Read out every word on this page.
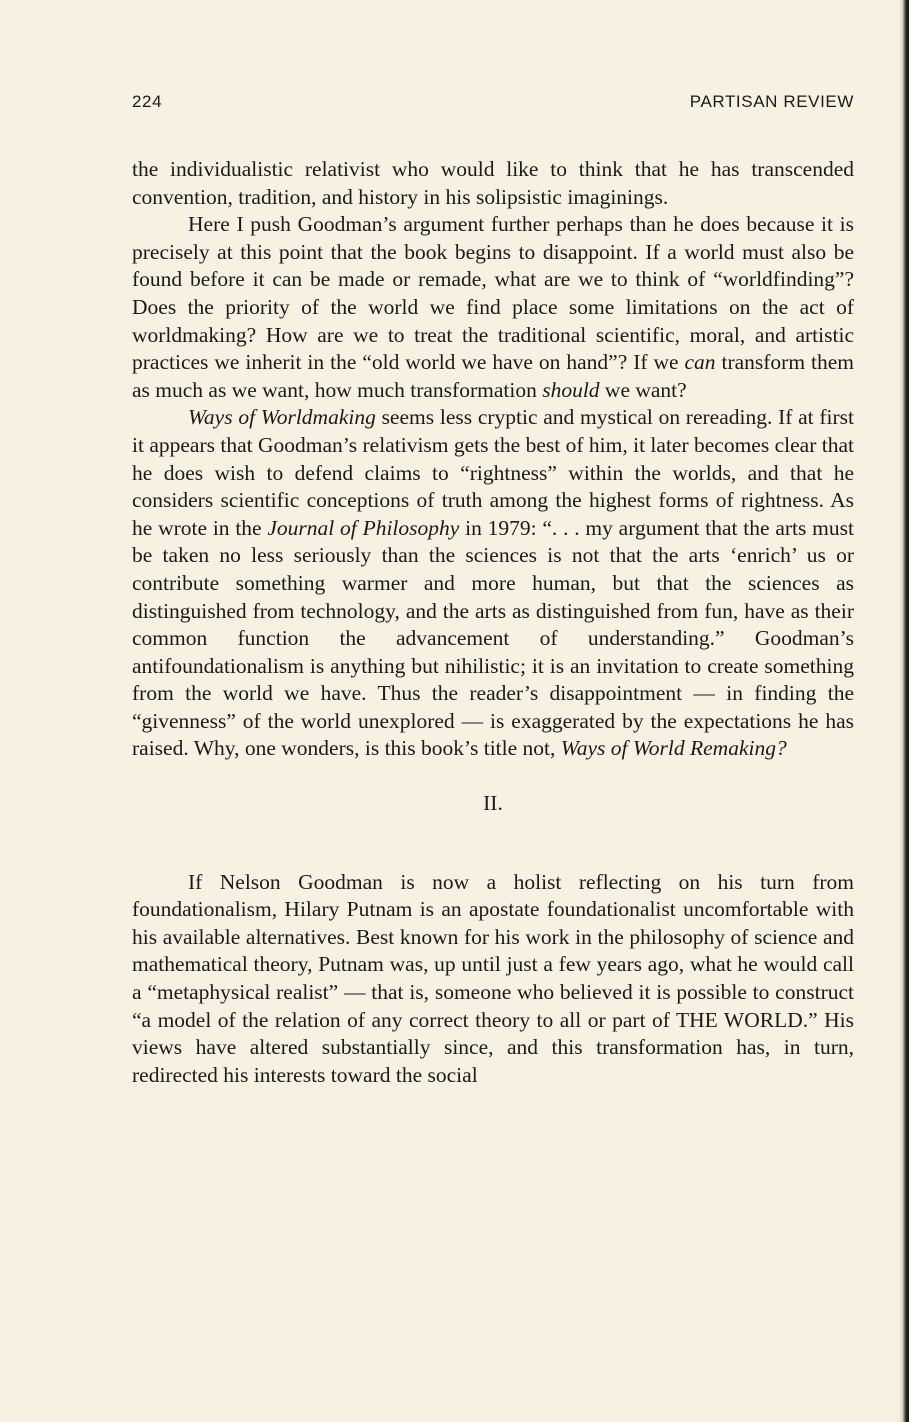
224	PARTISAN REVIEW

the individualistic relativist who would like to think that he has transcended convention, tradition, and history in his solipsistic imaginings.

Here I push Goodman’s argument further perhaps than he does because it is precisely at this point that the book begins to disappoint. If a world must also be found before it can be made or remade, what are we to think of “worldfinding”? Does the priority of the world we find place some limitations on the act of worldmaking? How are we to treat the traditional scientific, moral, and artistic practices we inherit in the “old world we have on hand”? If we can transform them as much as we want, how much transformation should we want?

Ways of Worldmaking seems less cryptic and mystical on rereading. If at first it appears that Goodman’s relativism gets the best of him, it later becomes clear that he does wish to defend claims to “rightness” within the worlds, and that he considers scientific conceptions of truth among the highest forms of rightness. As he wrote in the Journal of Philosophy in 1979: “. . . my argument that the arts must be taken no less seriously than the sciences is not that the arts ‘enrich’ us or contribute something warmer and more human, but that the sciences as distinguished from technology, and the arts as distinguished from fun, have as their common function the advancement of understanding.” Goodman’s antifoundationalism is anything but nihilistic; it is an invitation to create something from the world we have. Thus the reader’s disappointment — in finding the “givenness” of the world unexplored — is exaggerated by the expectations he has raised. Why, one wonders, is this book’s title not, Ways of World Remaking?

II.

If Nelson Goodman is now a holist reflecting on his turn from foundationalism, Hilary Putnam is an apostate foundationalist uncomfortable with his available alternatives. Best known for his work in the philosophy of science and mathematical theory, Putnam was, up until just a few years ago, what he would call a “metaphysical realist” — that is, someone who believed it is possible to construct “a model of the relation of any correct theory to all or part of THE WORLD.” His views have altered substantially since, and this transformation has, in turn, redirected his interests toward the social
